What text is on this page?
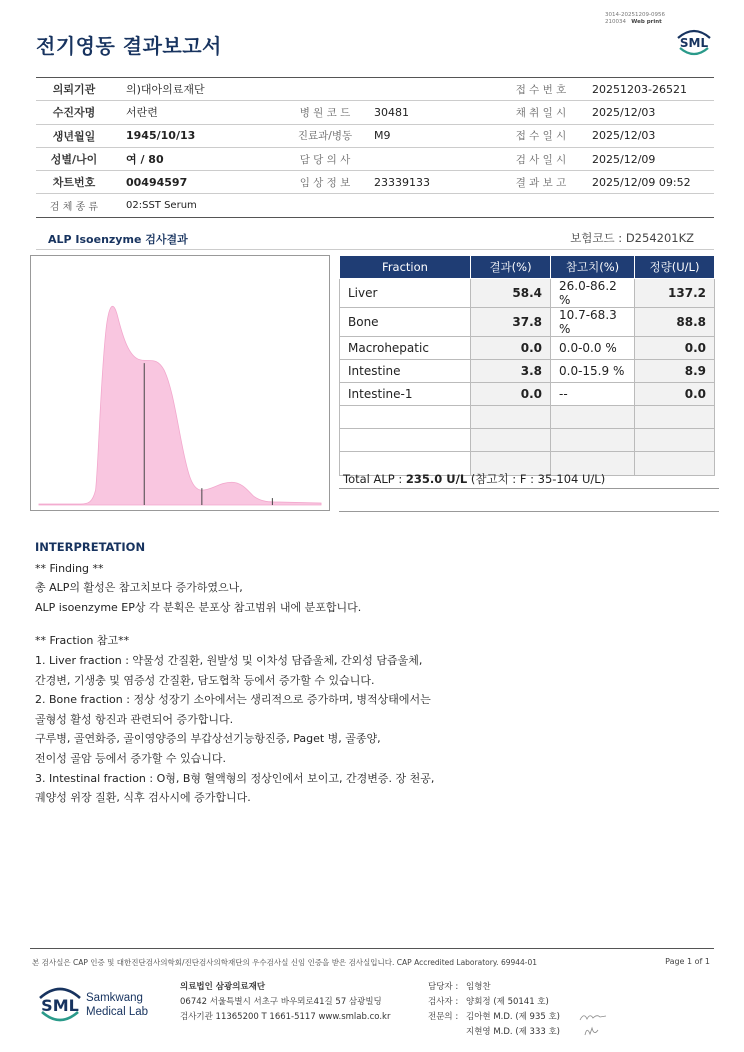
3014-20251209-0956
210034 Web print
전기영동 결과보고서	SML
의뢰기관	의)대아의료재단	접 수 번 호	20251203-26521
수진자명	서란련	병 원 코 드	30481	채 취 일 시	2025/12/03
생년월일	1945/10/13	진료과/병동	M9	접 수 일 시	2025/12/03
성별/나이	여 / 80	담 당 의 사	검 사 일 시	2025/12/09
차트번호	00494597	임 상 정 보	23339133	결 과 보 고	2025/12/09 09:52
검 체 종 류	02:SST Serum
ALP Isoenzyme 검사결과	보험코드 : D254201KZ
Fraction	결과(%)	참고치(%)	정량(U/L)
Liver	58.4	26.0-86.2 %	137.2
Bone	37.8	10.7-68.3 %	88.8
Macrohepatic	0.0	0.0-0.0 %	0.0
Intestine	3.8	0.0-15.9 %	8.9
Intestine-1	0.0	--	0.0

Total ALP : 235.0 U/L (참고치 : F : 35-104 U/L)
INTERPRETATION

** Finding **

총 ALP의 활성은 참고치보다 증가하였으나,

ALP isoenzyme EP상 각 분획은 분포상 참고범위 내에 분포합니다.

** Fraction 참고**

1. Liver fraction : 약물성 간질환, 원발성 및 이차성 담즙울체, 간외성 담즙울체,

간경변, 기생충 및 염증성 간질환, 담도협착 등에서 증가할 수 있습니다.

2. Bone fraction : 정상 성장기 소아에서는 생리적으로 증가하며, 병적상태에서는

골형성 활성 항진과 관련되어 증가합니다.

구루병, 골연화증, 골이영양증의 부갑상선기능항진증, Paget 병, 골종양,

전이성 골암 등에서 증가할 수 있습니다.

3. Intestinal fraction : O형, B형 혈액형의 정상인에서 보이고, 간경변증. 장 천공,

궤양성 위장 질환, 식후 검사시에 증가합니다.

본 검사실은 CAP 인증 및 대한진단검사의학회/진단검사의학재단의 우수검사실 신임 인증을 받은 검사실입니다. CAP Accredited Laboratory. 69944-01	Page 1 of 1
SML Samkwang
Medical Lab
의료법인 삼광의료재단
06742 서울특별시 서초구 바우뫼로41길 57 삼광빌딩
검사기관 11365200 T 1661-5117 www.smlab.co.kr
담당자 : 임형찬
검사자 : 양회정 (제 50141 호)
전문의 : 김아현 M.D. (제 935 호)
지현영 M.D. (제 333 호)
